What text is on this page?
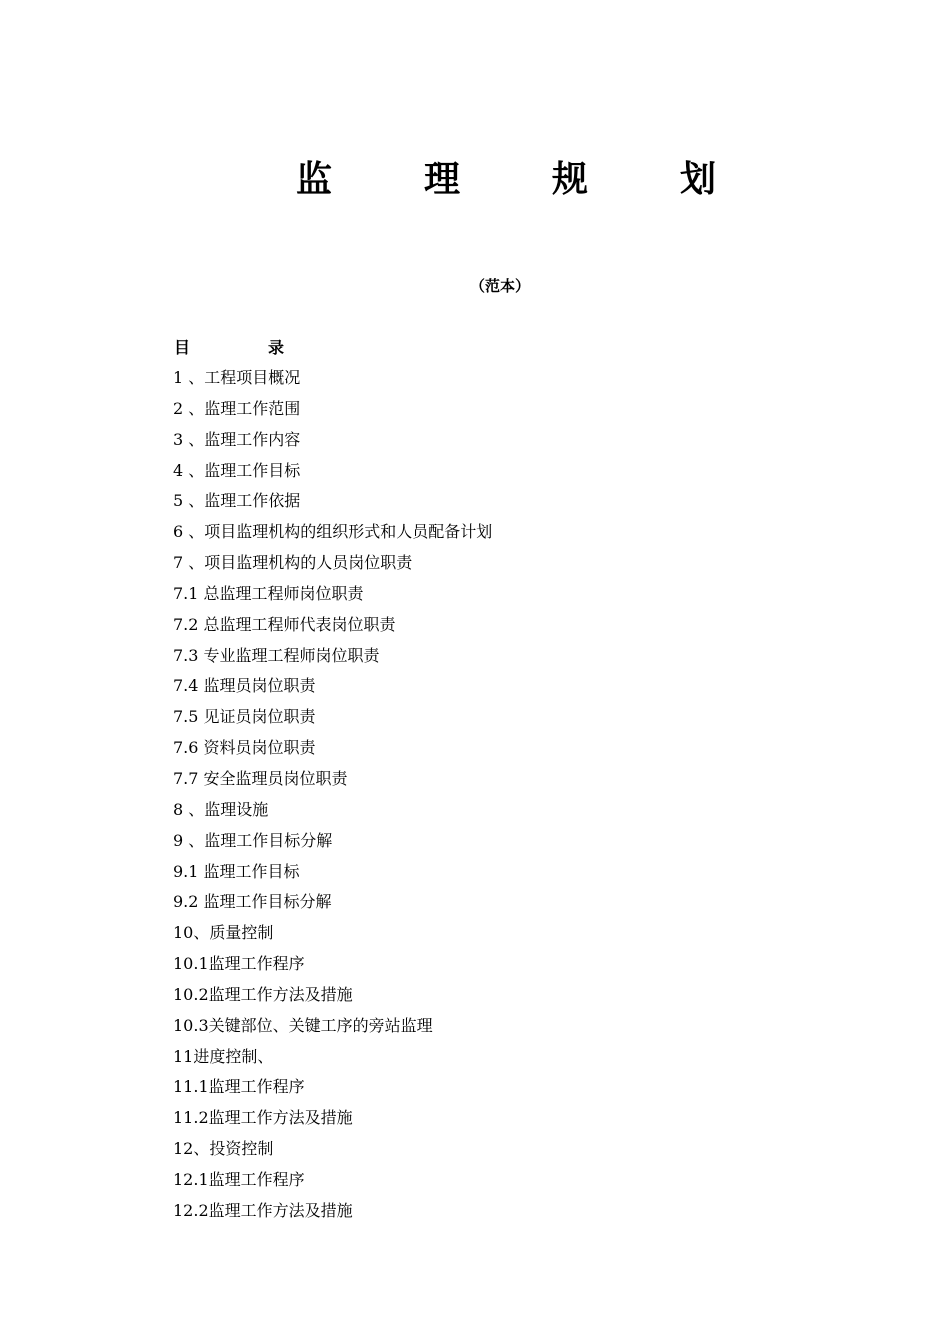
监	理	规	划
（范本）
目	录
1 、工程项目概况
2 、监理工作范围
3 、监理工作内容
4 、监理工作目标
5 、监理工作依据
6 、项目监理机构的组织形式和人员配备计划
7 、项目监理机构的人员岗位职责
7.1 总监理工程师岗位职责
7.2 总监理工程师代表岗位职责
7.3 专业监理工程师岗位职责
7.4 监理员岗位职责
7.5 见证员岗位职责
7.6 资料员岗位职责
7.7 安全监理员岗位职责
8 、监理设施
9 、监理工作目标分解
9.1 监理工作目标
9.2 监理工作目标分解
10、质量控制
10.1监理工作程序
10.2监理工作方法及措施
10.3关键部位、关键工序的旁站监理
11进度控制、
11.1监理工作程序
11.2监理工作方法及措施
12、投资控制
12.1监理工作程序
12.2监理工作方法及措施
